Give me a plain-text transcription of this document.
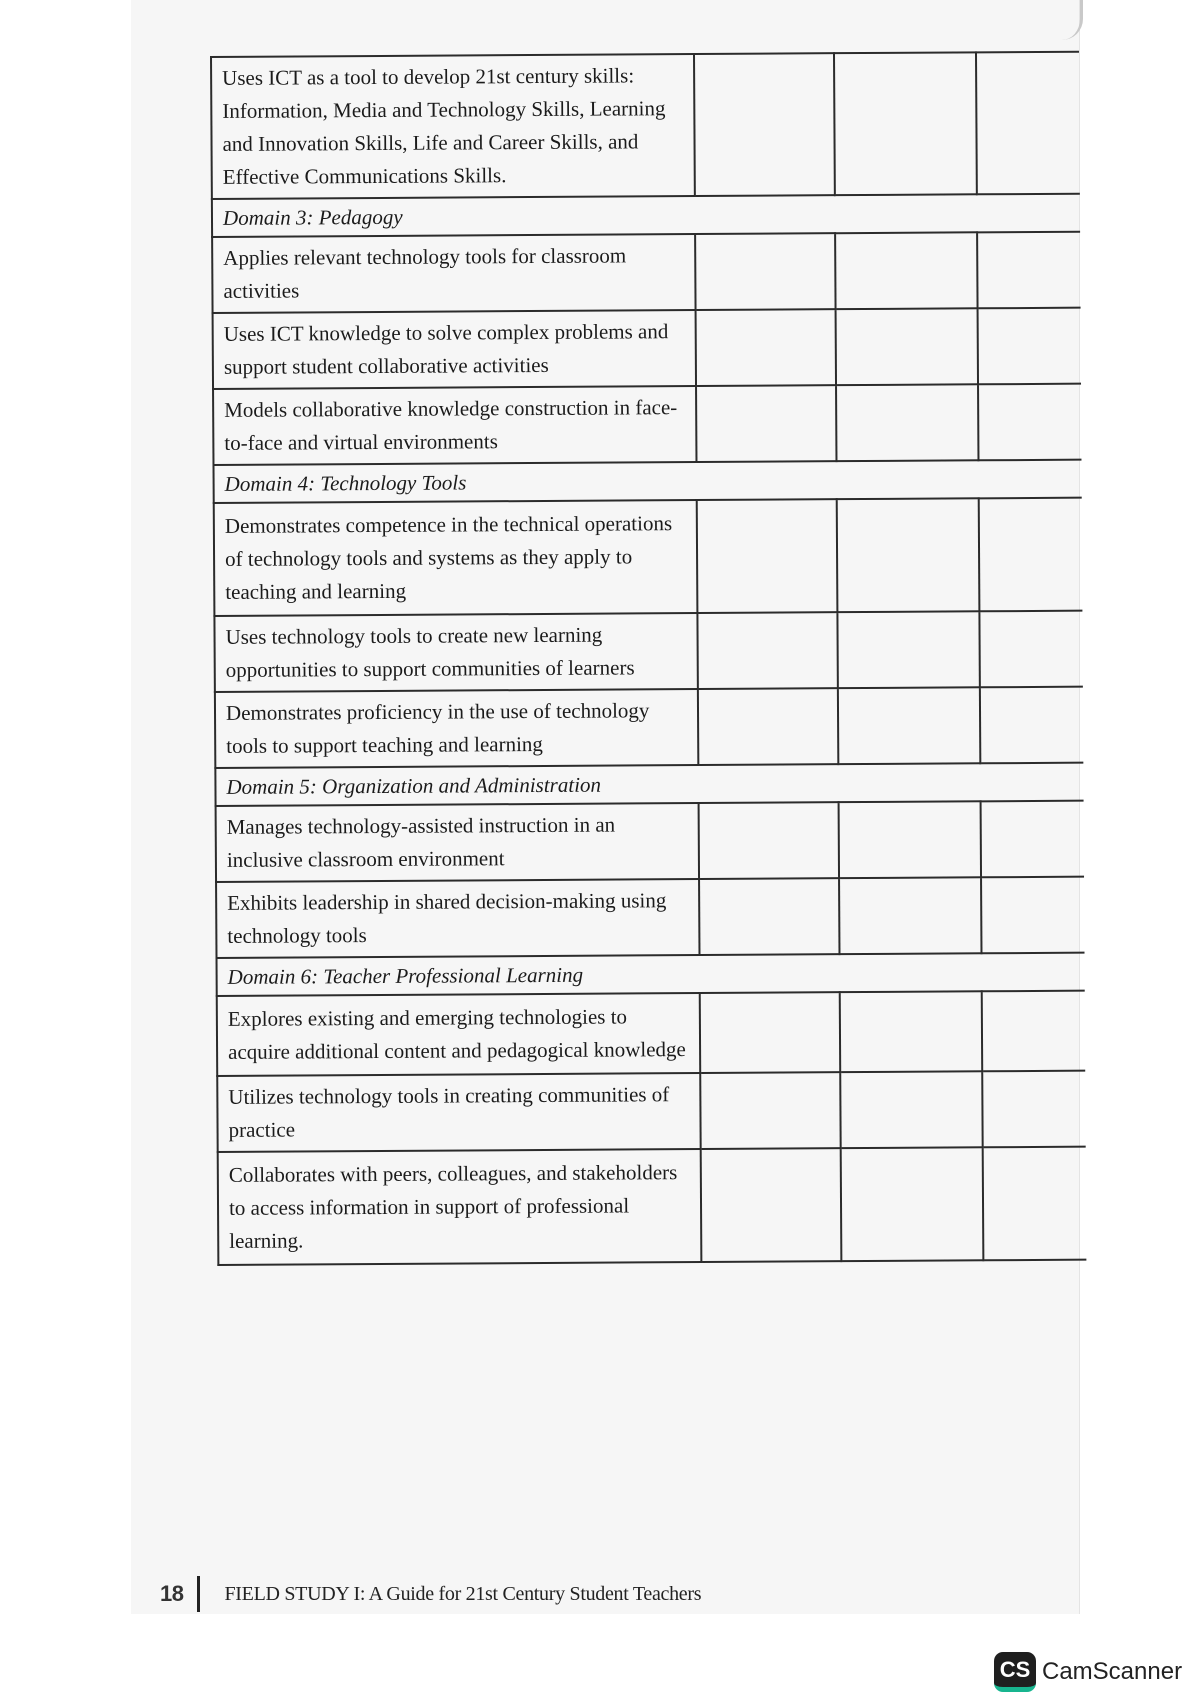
Uses ICT as a tool to develop 21st century skills: Information, Media and Technology Skills, Learning and Innovation Skills, Life and Career Skills, and Effective Communications Skills.			
Domain 3: Pedagogy			
Applies relevant technology tools for classroom activities			
Uses ICT knowledge to solve complex problems and support student collaborative activities			
Models collaborative knowledge construction in face-to-face and virtual environments			
Domain 4: Technology Tools			
Demonstrates competence in the technical operations of technology tools and systems as they apply to teaching and learning			
Uses technology tools to create new learning opportunities to support communities of learners			
Demonstrates proficiency in the use of technology tools to support teaching and learning			
Domain 5: Organization and Administration			
Manages technology-assisted instruction in an inclusive classroom environment			
Exhibits leadership in shared decision-making using technology tools			
Domain 6: Teacher Professional Learning			
Explores existing and emerging technologies to acquire additional content and pedagogical knowledge			
Utilizes technology tools in creating communities of practice			
Collaborates with peers, colleagues, and stakeholders to access information in support of professional learning.			
18 FIELD STUDY I: A Guide for 21st Century Student Teachers
CS CamScanner
